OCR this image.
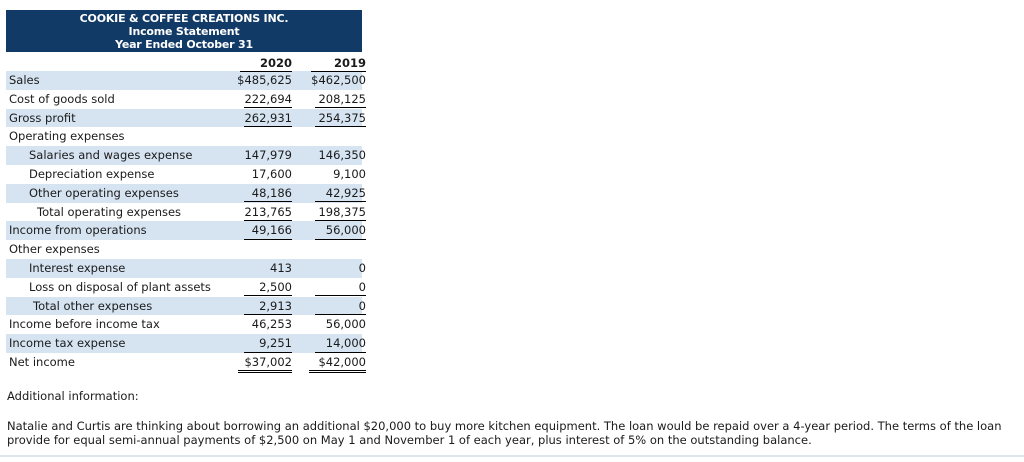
COOKIE & COFFEE CREATIONS INC.
Income Statement
Year Ended October 31
2020	2019
Sales	$485,625	$462,500
Cost of goods sold	222,694	208,125
Gross profit	262,931	254,375
Operating expenses
Salaries and wages expense	147,979	146,350
Depreciation expense	17,600	9,100
Other operating expenses	48,186	42,925
Total operating expenses	213,765	198,375
Income from operations	49,166	56,000
Other expenses
Interest expense	413	0
Loss on disposal of plant assets	2,500	0
Total other expenses	2,913	0
Income before income tax	46,253	56,000
Income tax expense	9,251	14,000
Net income	$37,002	$42,000
Additional information:
Natalie and Curtis are thinking about borrowing an additional $20,000 to buy more kitchen equipment. The loan would be repaid over a 4-year period. The terms of the loan provide for equal semi-annual payments of $2,500 on May 1 and November 1 of each year, plus interest of 5% on the outstanding balance.
